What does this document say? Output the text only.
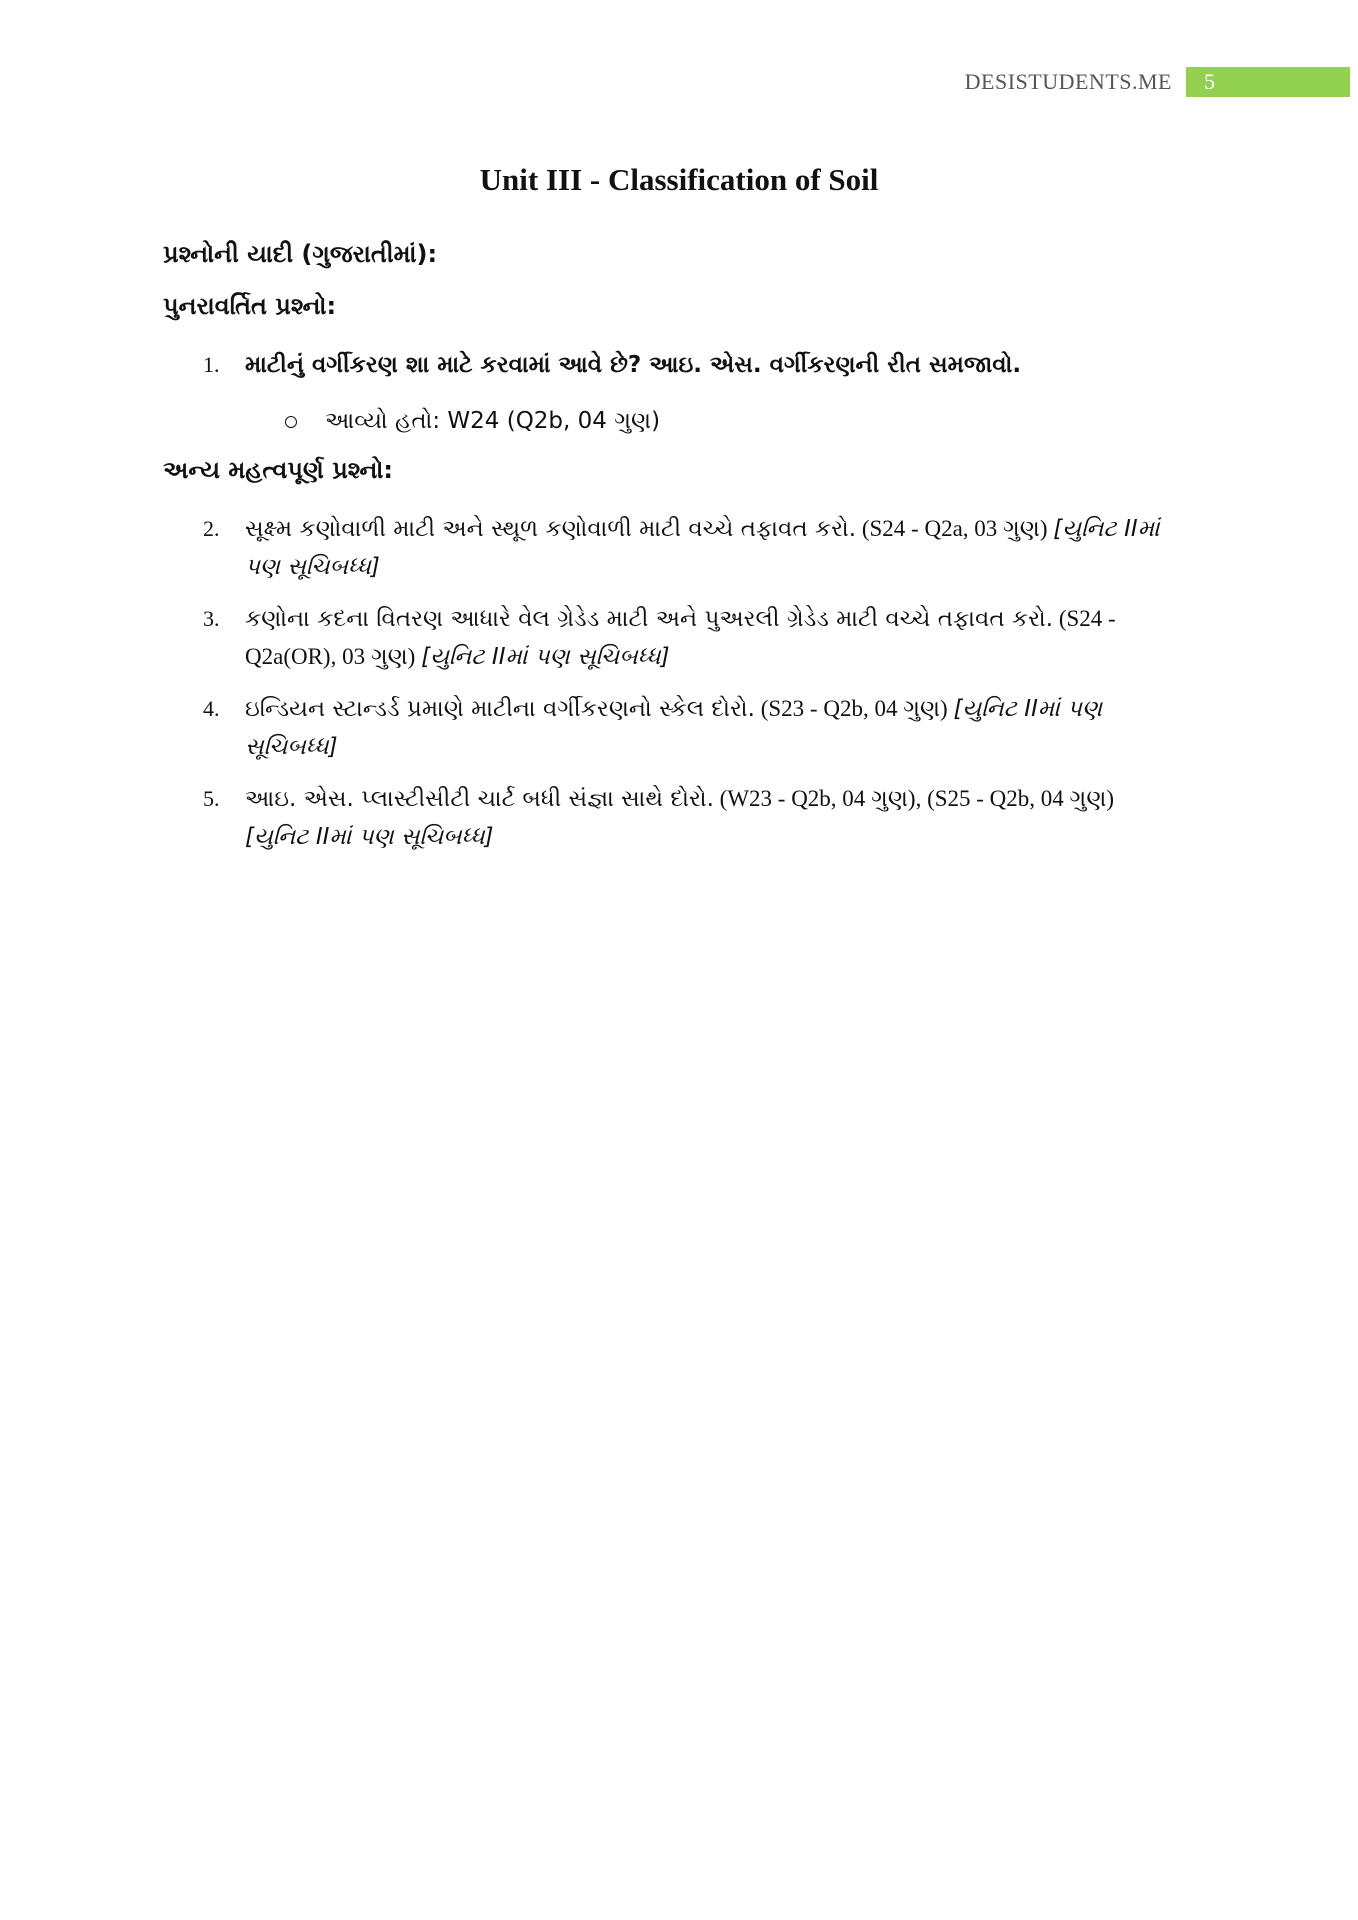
DESISTUDENTS.ME	5
Unit III - Classification of Soil
પ્રશ્નોની યાદી (ગુજરાતીમાં):
પુનરાવર્તિત પ્રશ્નો:
1.	માટીનું વર્ગીકરણ શા માટે કરવામાં આવે છે? આઇ. એસ. વર્ગીકરણની રીત સમજાવો.
આવ્યો હતો: W24 (Q2b, 04 ગુણ)
અન્ય મહત્વપૂર્ણ પ્રશ્નો:
2.	સૂક્ષ્મ કણોવાળી માટી અને સ્થૂળ કણોવાળી માટી વચ્ચે તફાવત કરો. (S24 - Q2a, 03 ગુણ) [યુનિટ IIમાં પણ સૂચિબધ્ધ]
3.	કણોના કદના વિતરણ આધારે વેલ ગ્રેડેડ માટી અને પુઅરલી ગ્રેડેડ માટી વચ્ચે તફાવત કરો. (S24 - Q2a(OR), 03 ગુણ) [યુનિટ IIમાં પણ સૂચિબધ્ધ]
4.	ઇન્ડિયન સ્ટાન્ડર્ડ પ્રમાણે માટીના વર્ગીકરણનો સ્કેલ દોરો. (S23 - Q2b, 04 ગુણ) [યુનિટ IIમાં પણ સૂચિબધ્ધ]
5.	આઇ. એસ. પ્લાસ્ટીસીટી ચાર્ટ બધી સંજ્ઞા સાથે દોરો. (W23 - Q2b, 04 ગુણ), (S25 - Q2b, 04 ગુણ) [યુનિટ IIમાં પણ સૂચિબધ્ધ]
